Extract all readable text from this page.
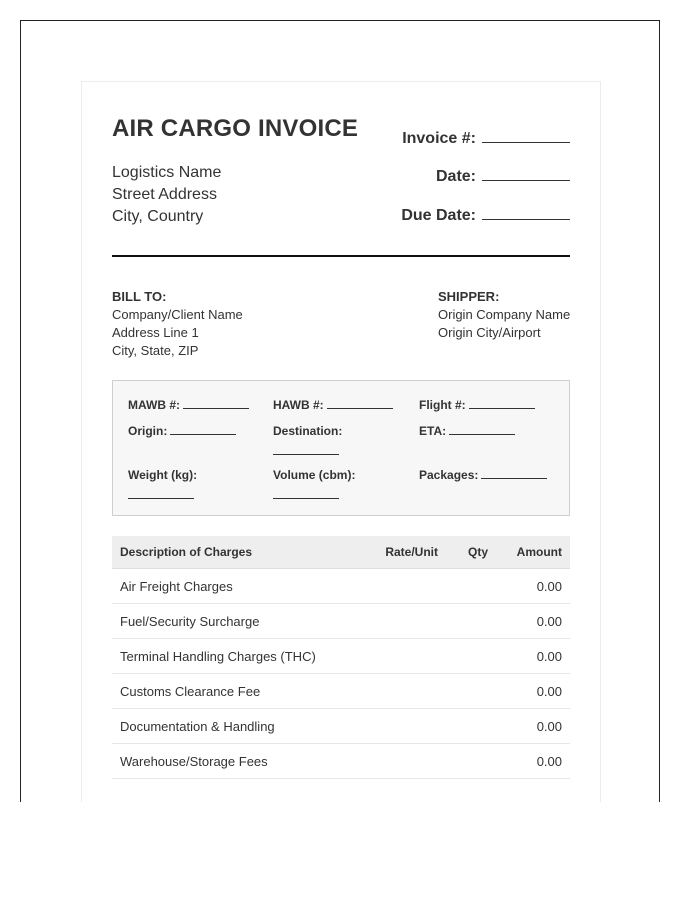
AIR CARGO INVOICE
Logistics Name
Street Address
City, Country
Invoice #:
Date:
Due Date:
BILL TO:
Company/Client Name
Address Line 1
City, State, ZIP
SHIPPER:
Origin Company Name
Origin City/Airport
MAWB #:	HAWB #:	Flight #:
Origin:	Destination:	ETA:
Weight (kg):	Volume (cbm):	Packages:
Description of Charges	Rate/Unit	Qty	Amount
Air Freight Charges			0.00
Fuel/Security Surcharge			0.00
Terminal Handling Charges (THC)			0.00
Customs Clearance Fee			0.00
Documentation & Handling			0.00
Warehouse/Storage Fees			0.00
